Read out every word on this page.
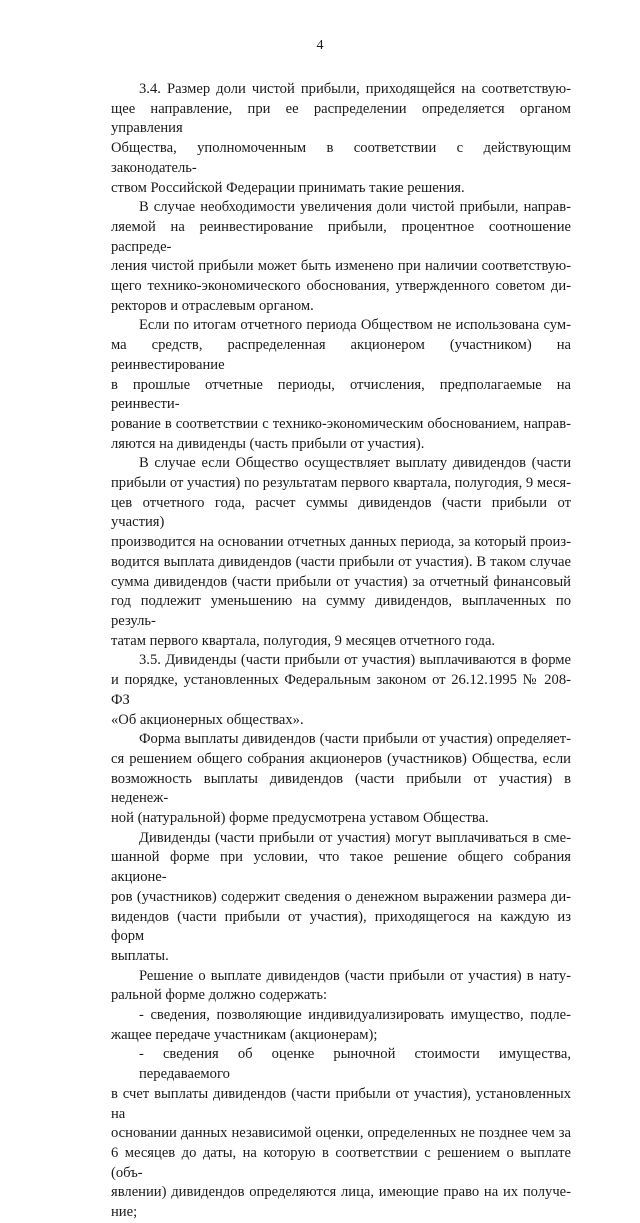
4
3.4. Размер доли чистой прибыли, приходящейся на соответствую-
щее направление, при ее распределении определяется органом управления
Общества, уполномоченным в соответствии с действующим законодатель-
ством Российской Федерации принимать такие решения.
В случае необходимости увеличения доли чистой прибыли, направ-
ляемой на реинвестирование прибыли, процентное соотношение распреде-
ления чистой прибыли может быть изменено при наличии соответствую-
щего технико-экономического обоснования, утвержденного советом ди-
ректоров и отраслевым органом.
Если по итогам отчетного периода Обществом не использована сум-
ма средств, распределенная акционером (участником) на реинвестирование
в прошлые отчетные периоды, отчисления, предполагаемые на реинвести-
рование в соответствии с технико-экономическим обоснованием, направ-
ляются на дивиденды (часть прибыли от участия).
В случае если Общество осуществляет выплату дивидендов (части
прибыли от участия) по результатам первого квартала, полугодия, 9 меся-
цев отчетного года, расчет суммы дивидендов (части прибыли от участия)
производится на основании отчетных данных периода, за который произ-
водится выплата дивидендов (части прибыли от участия). В таком случае
сумма дивидендов (части прибыли от участия) за отчетный финансовый
год подлежит уменьшению на сумму дивидендов, выплаченных по резуль-
татам первого квартала, полугодия, 9 месяцев отчетного года.
3.5. Дивиденды (части прибыли от участия) выплачиваются в форме
и порядке, установленных Федеральным законом от 26.12.1995 № 208-ФЗ
«Об акционерных обществах».
Форма выплаты дивидендов (части прибыли от участия) определяет-
ся решением общего собрания акционеров (участников) Общества, если
возможность выплаты дивидендов (части прибыли от участия) в неденеж-
ной (натуральной) форме предусмотрена уставом Общества.
Дивиденды (части прибыли от участия) могут выплачиваться в сме-
шанной форме при условии, что такое решение общего собрания акционе-
ров (участников) содержит сведения о денежном выражении размера ди-
видендов (части прибыли от участия), приходящегося на каждую из форм
выплаты.
Решение о выплате дивидендов (части прибыли от участия) в нату-
ральной форме должно содержать:
- сведения, позволяющие индивидуализировать имущество, подле-
жащее передаче участникам (акционерам);
- сведения об оценке рыночной стоимости имущества, передаваемого
в счет выплаты дивидендов (части прибыли от участия), установленных на
основании данных независимой оценки, определенных не позднее чем за
6 месяцев до даты, на которую в соответствии с решением о выплате (объ-
явлении) дивидендов определяются лица, имеющие право на их получе-
ние;
